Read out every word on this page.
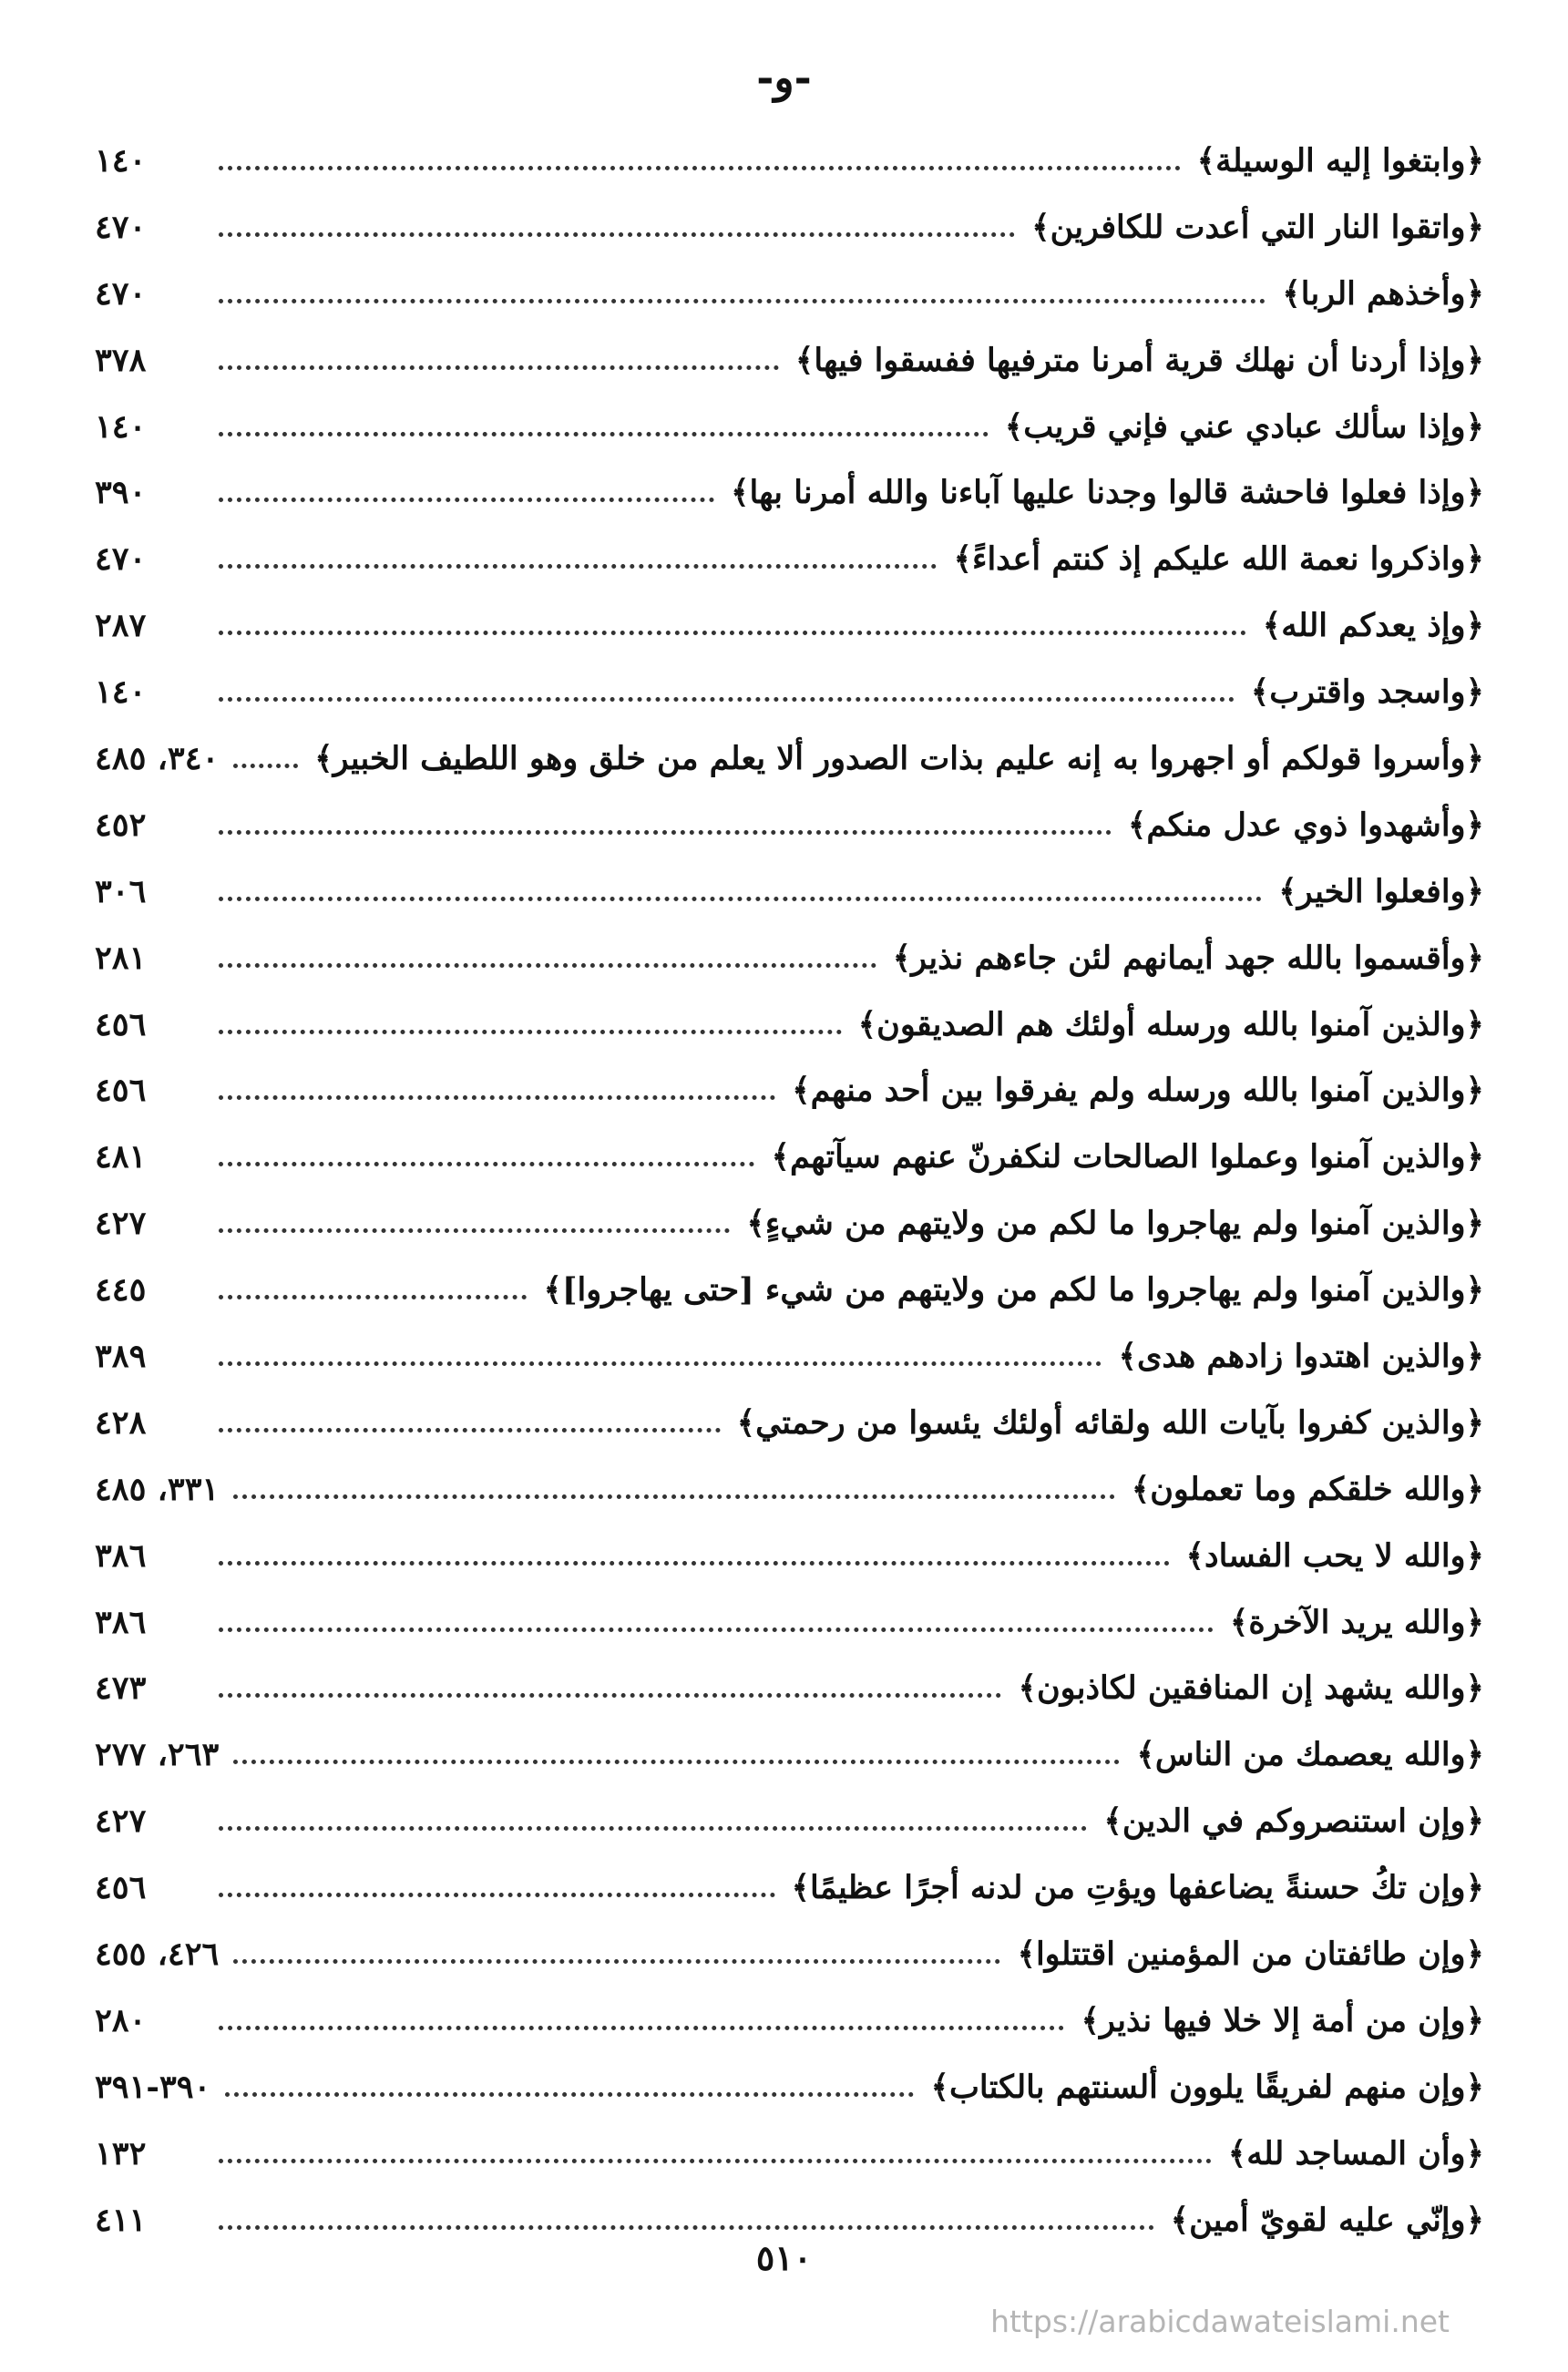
-و-
﴿وابتغوا إليه الوسيلة﴾
١٤٠
﴿واتقوا النار التي أعدت للكافرين﴾
٤٧٠
﴿وأخذهم الربا﴾
٤٧٠
﴿وإذا أردنا أن نهلك قرية أمرنا مترفيها ففسقوا فيها﴾
٣٧٨
﴿وإذا سألك عبادي عني فإني قريب﴾
١٤٠
﴿وإذا فعلوا فاحشة قالوا وجدنا عليها آباءنا والله أمرنا بها﴾
٣٩٠
﴿واذكروا نعمة الله عليكم إذ كنتم أعداءً﴾
٤٧٠
﴿وإذ يعدكم الله﴾
٢٨٧
﴿واسجد واقترب﴾
١٤٠
﴿وأسروا قولكم أو اجهروا به إنه عليم بذات الصدور ألا يعلم من خلق وهو اللطيف الخبير﴾
٣٤٠، ٤٨٥
﴿وأشهدوا ذوي عدل منكم﴾
٤٥٢
﴿وافعلوا الخير﴾
٣٠٦
﴿وأقسموا بالله جهد أيمانهم لئن جاءهم نذير﴾
٢٨١
﴿والذين آمنوا بالله ورسله أولئك هم الصديقون﴾
٤٥٦
﴿والذين آمنوا بالله ورسله ولم يفرقوا بين أحد منهم﴾
٤٥٦
﴿والذين آمنوا وعملوا الصالحات لنكفرنّ عنهم سيآتهم﴾
٤٨١
﴿والذين آمنوا ولم يهاجروا ما لكم من ولايتهم من شيءٍ﴾
٤٢٧
﴿والذين آمنوا ولم يهاجروا ما لكم من ولايتهم من شيء [حتى يهاجروا]﴾
٤٤٥
﴿والذين اهتدوا زادهم هدى﴾
٣٨٩
﴿والذين كفروا بآيات الله ولقائه أولئك يئسوا من رحمتي﴾
٤٢٨
﴿والله خلقكم وما تعملون﴾
٣٣١، ٤٨٥
﴿والله لا يحب الفساد﴾
٣٨٦
﴿والله يريد الآخرة﴾
٣٨٦
﴿والله يشهد إن المنافقين لكاذبون﴾
٤٧٣
﴿والله يعصمك من الناس﴾
٢٦٣، ٢٧٧
﴿وإن استنصروكم في الدين﴾
٤٢٧
﴿وإن تكُ حسنةً يضاعفها ويؤتِ من لدنه أجرًا عظيمًا﴾
٤٥٦
﴿وإن طائفتان من المؤمنين اقتتلوا﴾
٤٢٦، ٤٥٥
﴿وإن من أمة إلا خلا فيها نذير﴾
٢٨٠
﴿وإن منهم لفريقًا يلوون ألسنتهم بالكتاب﴾
٣٩٠-٣٩١
﴿وأن المساجد لله﴾
١٣٢
﴿وإنّي عليه لقويّ أمين﴾
٤١١
٥١٠
https://arabicdawateislami.net
